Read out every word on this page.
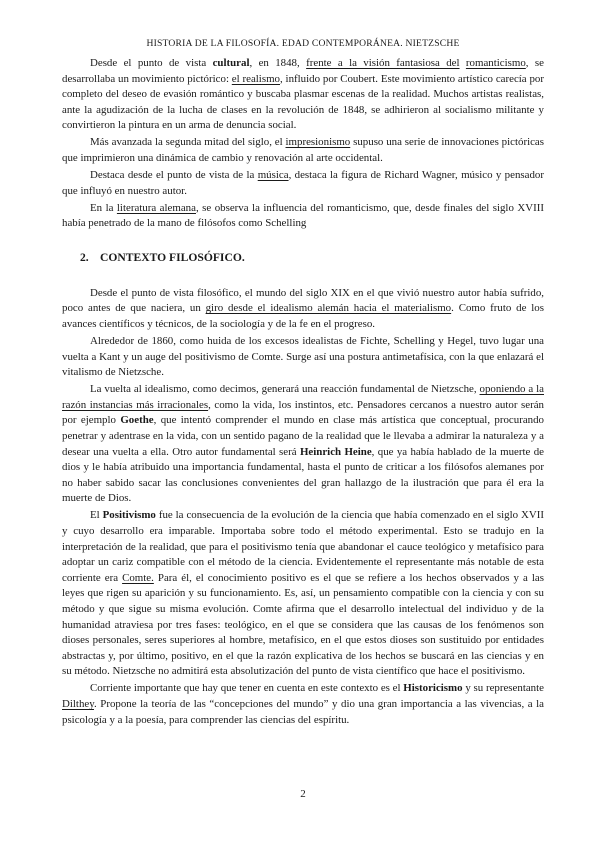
HISTORIA DE LA FILOSOFÍA. EDAD CONTEMPORÁNEA. NIETZSCHE

Desde el punto de vista cultural, en 1848, frente a la visión fantasiosa del romanticismo, se desarrollaba un movimiento pictórico: el realismo, influido por Coubert. Este movimiento artístico carecía por completo del deseo de evasión romántico y buscaba plasmar escenas de la realidad. Muchos artistas realistas, ante la agudización de la lucha de clases en la revolución de 1848, se adhirieron al socialismo militante y convirtieron la pintura en un arma de denuncia social.

Más avanzada la segunda mitad del siglo, el impresionismo supuso una serie de innovaciones pictóricas que imprimieron una dinámica de cambio y renovación al arte occidental.

Destaca desde el punto de vista de la música, destaca la figura de Richard Wagner, músico y pensador que influyó en nuestro autor.

En la literatura alemana, se observa la influencia del romanticismo, que, desde finales del siglo XVIII había penetrado de la mano de filósofos como Schelling

2. CONTEXTO FILOSÓFICO.

Desde el punto de vista filosófico, el mundo del siglo XIX en el que vivió nuestro autor había sufrido, poco antes de que naciera, un giro desde el idealismo alemán hacia el materialismo. Como fruto de los avances científicos y técnicos, de la sociología y de la fe en el progreso.

Alrededor de 1860, como huida de los excesos idealistas de Fichte, Schelling y Hegel, tuvo lugar una vuelta a Kant y un auge del positivismo de Comte. Surge así una postura antimetafísica, con la que enlazará el vitalismo de Nietzsche.

La vuelta al idealismo, como decimos, generará una reacción fundamental de Nietzsche, oponiendo a la razón instancias más irracionales, como la vida, los instintos, etc. Pensadores cercanos a nuestro autor serán por ejemplo Goethe, que intentó comprender el mundo en clase más artística que conceptual, procurando penetrar y adentrase en la vida, con un sentido pagano de la realidad que le llevaba a admirar la naturaleza y a desear una vuelta a ella. Otro autor fundamental será Heinrich Heine, que ya había hablado de la muerte de dios y le había atribuido una importancia fundamental, hasta el punto de criticar a los filósofos alemanes por no haber sabido sacar las conclusiones convenientes del gran hallazgo de la ilustración que para él era la muerte de Dios.

El Positivismo fue la consecuencia de la evolución de la ciencia que había comenzado en el siglo XVII y cuyo desarrollo era imparable. Importaba sobre todo el método experimental. Esto se tradujo en la interpretación de la realidad, que para el positivismo tenía que abandonar el cauce teológico y metafísico para adoptar un cariz compatible con el método de la ciencia. Evidentemente el representante más notable de esta corriente era Comte. Para él, el conocimiento positivo es el que se refiere a los hechos observados y a las leyes que rigen su aparición y su funcionamiento. Es, así, un pensamiento compatible con la ciencia y con su método y que sigue su misma evolución. Comte afirma que el desarrollo intelectual del individuo y de la humanidad atraviesa por tres fases: teológico, en el que se considera que las causas de los fenómenos son dioses personales, seres superiores al hombre, metafísico, en el que estos dioses son sustituido por entidades abstractas y, por último, positivo, en el que la razón explicativa de los hechos se buscará en las ciencias y en su método. Nietzsche no admitirá esta absolutización del punto de vista científico que hace el positivismo.

Corriente importante que hay que tener en cuenta en este contexto es el Historicismo y su representante Dilthey. Propone la teoría de las “concepciones del mundo” y dio una gran importancia a las vivencias, a la psicología y a la poesía, para comprender las ciencias del espíritu.

2
